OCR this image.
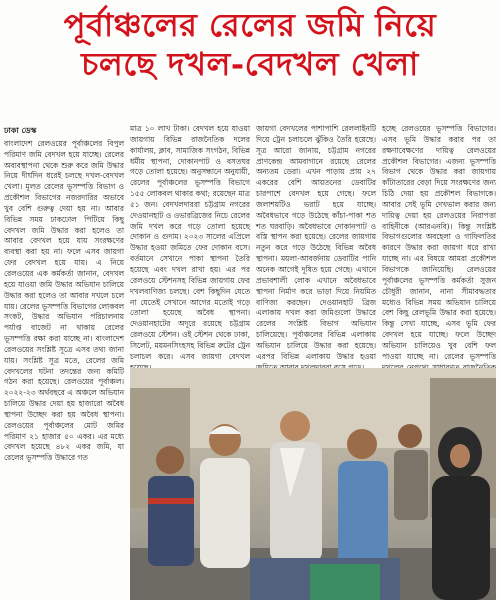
পূর্বাঞ্চলের রেলের জমি নিয়ে
চলছে দখল-বেদখল খেলা
ঢাকা ডেস্ক

বাংলাদেশ রেলওয়ের পূর্বাঞ্চলের বিপুল পরিমাণ জমি বেদখল হয়ে যাচ্ছে। রেলের অব্যবস্থাপনা থেকে শুরু করে জমি উদ্ধার নিয়ে দীর্ঘদিন ধরেই চলছে দখল-বেদখল খেলা। মূলত রেলের ভূসম্পত্তি বিভাগ ও প্রকৌশল বিভাগের নজরদারির অভাবে খুব বেশি গুরুত্ব দেয়া হয় না। আবার বিভিন্ন সময় ঢাকঢোল পিটিয়ে কিছু বেদখল জমি উদ্ধার করা হলেও তা আবার বেদখল হয়ে যায় সংরক্ষণের ব্যবস্থা করা হয় না। ফলে এসব জায়গা ফের বেদখল হয়ে যায়। এ নিয়ে রেলওয়ের এক কর্মকর্তা জানান, বেদখল হয়ে যাওয়া জমি উদ্ধার অভিযান চালিয়ে উদ্ধার করা হলেও তা আবার দখলে চলে যায়। রেলের ভূসম্পত্তি বিভাগের লোকবল সংকট, উদ্ধার অভিযান পরিচালনায় পর্যাপ্ত বাজেট না থাকায় রেলের ভূসম্পত্তি রক্ষা করা যাচ্ছে না। বাংলাদেশ রেলওয়ের সংশ্লিষ্ট সূত্রে এসব তথ্য জানা যায়। সংশ্লিষ্ট সূত্র মতে, রেলের জমি বেদখলের ঘটনা তদন্তের জন্য কমিটি গঠন করা হয়েছে। রেলওয়ের পূর্বাঞ্চল। ২০২২-২৩ অর্থবছরে এ অঞ্চলে অভিযান চালিয়ে উদ্ধার দেয়া হয় হাজারো অবৈধ স্থাপনা উচ্ছেদ করা হয় অবৈধ স্থাপনা। রেলওয়ের পূর্বাঞ্চলের মোট জমির পরিমাণ ২১ হাজার ৫০ একর। এর মধ্যে বেদখল হয়েছে ৪৮২ একর জমি, যা রেলের ভূসম্পত্তি উদ্ধারে গত

মাত্র ১০ লাখ টাকা। বেদখল হয়ে যাওয়া জায়গায় বিভিন্ন রাজনৈতিক দলের কার্যালয়, ক্লাব, সামাজিক সংগঠন, বিভিন্ন ধর্মীয় স্থাপনা, দোকানপাট ও বসতঘর গড়ে তোলা হয়েছে। অনুসন্ধানে অনুযায়ী, রেলের পূর্বাঞ্চলের ভূসম্পত্তি বিভাগে ১৫৫ লোকবল থাকার কথা; রয়েছেন মাত্র ৫১ জন। বেদখলদাররা চট্টগ্রাম নগরের দেওয়ানহাট ও ওভারব্রিজের নিচে রেলের জমি দখল করে গড়ে তোলা হয়েছে দোকান ও গুদাম। ২০২৩ সালের এপ্রিলে উদ্ধার হওয়া জমিতে ফের দোকান বসে। বর্তমানে সেখানে পাকা স্থাপনা তৈরি হয়েছে এবং দখল রাখা হয়। এর পর রেলওয়ে স্টেশনসহ বিভিন্ন জায়গায় ফের দখলবাণিজ্য চলছে। বেশ কিছুদিন যেতে না যেতেই সেখানে আগের মতোই গড়ে তোলা হয়েছে অবৈধ স্থাপনা। দেওয়ানহাটের অদূরে রয়েছে চট্টগ্রাম রেলওয়ে স্টেশন। ওই স্টেশন থেকে ঢাকা, সিলেট, ময়মনসিংহসহ বিভিন্ন রুটের ট্রেন চলাচল করে। এসব জায়গা বেদখল

জায়গা বেদখলের পাশাপাশি রেললাইনটি দিয়ে ট্রেন চলাচলে ঝুঁকিও তৈরি হয়েছে। সূত্র আরো জানায়, চট্টগ্রাম নগরের প্রাণকেন্দ্র আমবাগানে রয়েছে রেলের অন্যতম ডেরা। এখন পাড়ায় প্রায় ২৭ একরের বেশি আয়তনের ডেবাটির চারপাশে বেদখল হয়ে গেছে। ফলে জলাশয়টিও ভরাট হয়ে যাচ্ছে। অবৈধভাবে গড়ে উঠেছে কাঁচা-পাকা শত শত ঘরবাড়ি। অবৈধভাবে দোকানপাট ও বস্তি স্থাপন করা হয়েছে। রেলের জায়গায় নতুন করে গড়ে উঠেছে বিভিন্ন অবৈধ স্থাপনা। ময়লা-আবর্জনায় ডেবাটির পানি অনেক আগেই দূষিত হয়ে গেছে। এখানে প্রভাবশালী লোক এখানে অবৈধভাবে স্থাপনা নির্মাণ করে ভাড়া দিয়ে নিয়মিত বাণিজ্য করছেন। দেওয়ানহাট ব্রিজ এলাকায় দখল করা জমিগুলো উদ্ধারে রেলের সংশ্লিষ্ট বিভাগ অভিযান চালিয়েছে। পূর্বাঞ্চলের বিভিন্ন এলাকায় অভিযান চালিয়ে উদ্ধার করা হয়েছে। এরপর বিভিন্ন এলাকায় উদ্ধার হওয়া

হচ্ছে রেলওয়ের ভূসম্পত্তি বিভাগের। এসব ভূমি উদ্ধার করার পর তা রক্ষণাবেক্ষণের দায়িত্ব রেলওয়ের প্রকৌশল বিভাগের। এজন্য ভূসম্পত্তি বিভাগ থেকে উদ্ধার করা জায়গায় কাঁটাতারের বেড়া দিয়ে সংরক্ষণের জন্য চিঠি দেয়া হয় প্রকৌশল বিভাগকে। আবার সেই ভূমি দেখভাল করার জন্য দায়িত্ব দেয়া হয় রেলওয়ের নিরাপত্তা বাহিনীকে (আরএনবি)। কিন্তু সংশ্লিষ্ট বিভাগগুলোর অবহেলা ও গাফিলতির কারণে উদ্ধার করা জায়গা ধরে রাখা যাচ্ছে না। এর বিষয়ে আমরা প্রকৌশল বিভাগকে জানিয়েছি। রেলওয়ের পূর্বাঞ্চলের ভূসম্পত্তি কর্মকর্তা সুজন চৌধুরী জানান, নানা সীমাবদ্ধতার মধ্যেও বিভিন্ন সময় অভিযান চালিয়ে বেশ কিছু রেলভূমি উদ্ধার করা হয়েছে। কিন্তু সেখা যাচ্ছে, এসব ভূমি ফের বেদখল হয়ে যাচ্ছে। ফলে উচ্ছেদ অভিযান চালিয়েও খুব বেশি ফল পাওয়া যাচ্ছে না। রেলের ভূসম্পত্তি
